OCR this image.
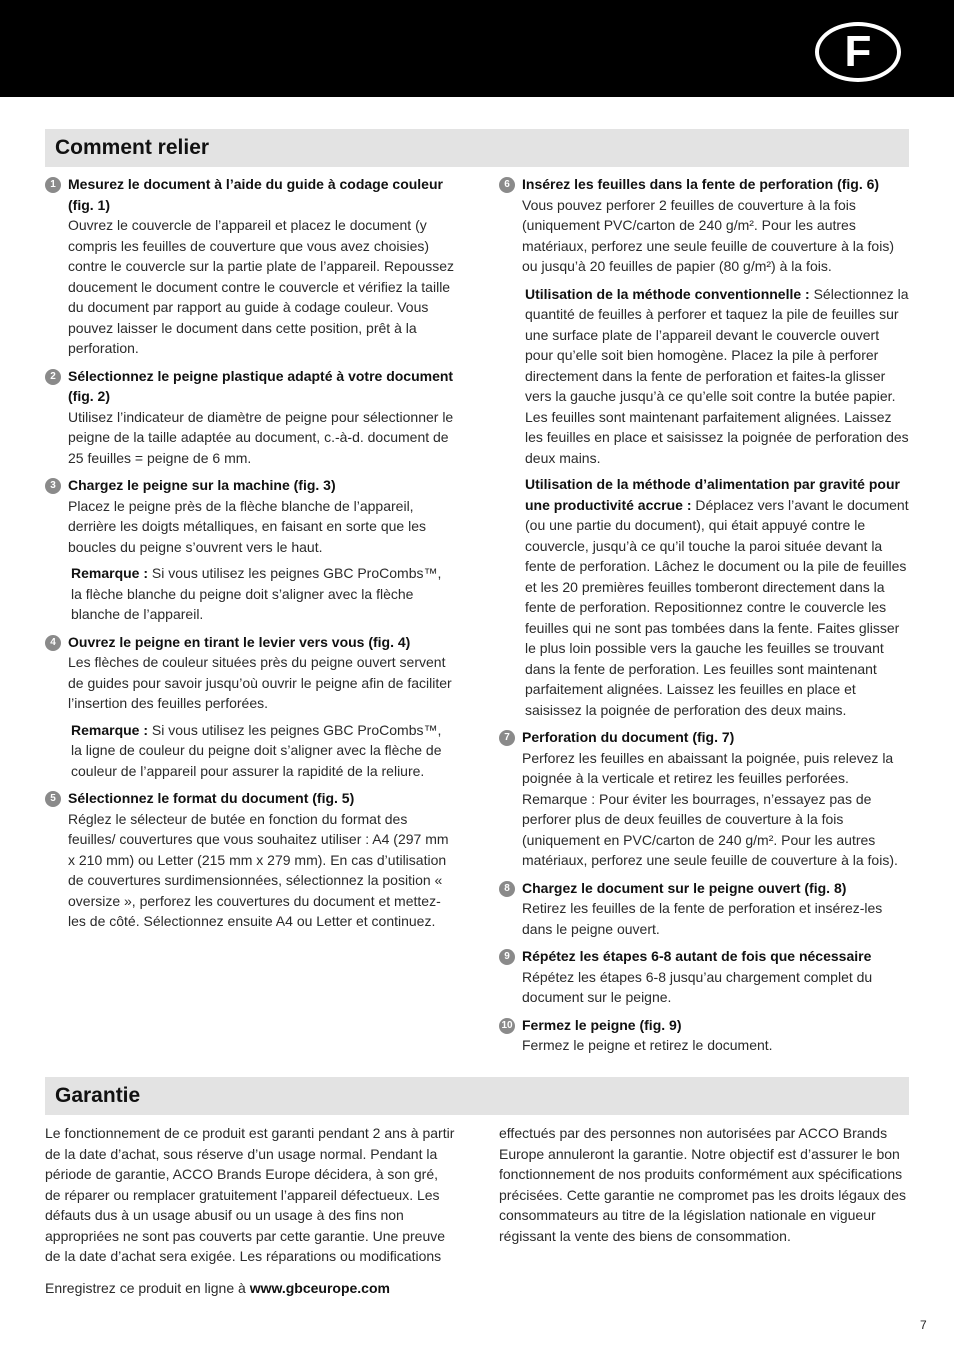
F
Comment relier
1 Mesurez le document à l’aide du guide à codage couleur (fig. 1)
Ouvrez le couvercle de l’appareil et placez le document (y compris les feuilles de couverture que vous avez choisies) contre le couvercle sur la partie plate de l’appareil. Repoussez doucement le document contre le couvercle et vérifiez la taille du document par rapport au guide à codage couleur. Vous pouvez laisser le document dans cette position, prêt à la perforation.
2 Sélectionnez le peigne plastique adapté à votre document (fig. 2)
Utilisez l’indicateur de diamètre de peigne pour sélectionner le peigne de la taille adaptée au document, c.-à-d. document de 25 feuilles = peigne de 6 mm.
3 Chargez le peigne sur la machine (fig. 3)
Placez le peigne près de la flèche blanche de l’appareil, derrière les doigts métalliques, en faisant en sorte que les boucles du peigne s’ouvrent vers le haut.
Remarque : Si vous utilisez les peignes GBC ProCombs™, la flèche blanche du peigne doit s’aligner avec la flèche blanche de l’appareil.
4 Ouvrez le peigne en tirant le levier vers vous (fig. 4)
Les flèches de couleur situées près du peigne ouvert servent de guides pour savoir jusqu’où ouvrir le peigne afin de faciliter l’insertion des feuilles perforées.
Remarque : Si vous utilisez les peignes GBC ProCombs™, la ligne de couleur du peigne doit s’aligner avec la flèche de couleur de l’appareil pour assurer la rapidité de la reliure.
5 Sélectionnez le format du document (fig. 5)
Réglez le sélecteur de butée en fonction du format des feuilles/ couvertures que vous souhaitez utiliser : A4 (297 mm x 210 mm) ou Letter (215 mm x 279 mm). En cas d’utilisation de couvertures surdimensionnées, sélectionnez la position « oversize », perforez les couvertures du document et mettez-les de côté. Sélectionnez ensuite A4 ou Letter et continuez.
6 Insérez les feuilles dans la fente de perforation (fig. 6)
Vous pouvez perforer 2 feuilles de couverture à la fois (uniquement PVC/carton de 240 g/m². Pour les autres matériaux, perforez une seule feuille de couverture à la fois) ou jusqu’à 20 feuilles de papier (80 g/m²) à la fois.
Utilisation de la méthode conventionnelle : Sélectionnez la quantité de feuilles à perforer et taquez la pile de feuilles sur une surface plate de l’appareil devant le couvercle ouvert pour qu’elle soit bien homogène. Placez la pile à perforer directement dans la fente de perforation et faites-la glisser vers la gauche jusqu’à ce qu’elle soit contre la butée papier. Les feuilles sont maintenant parfaitement alignées. Laissez les feuilles en place et saisissez la poignée de perforation des deux mains.
Utilisation de la méthode d’alimentation par gravité pour une productivité accrue : Déplacez vers l’avant le document (ou une partie du document), qui était appuyé contre le couvercle, jusqu’à ce qu’il touche la paroi située devant la fente de perforation. Lâchez le document ou la pile de feuilles et les 20 premières feuilles tomberont directement dans la fente de perforation. Repositionnez contre le couvercle les feuilles qui ne sont pas tombées dans la fente. Faites glisser le plus loin possible vers la gauche les feuilles se trouvant dans la fente de perforation. Les feuilles sont maintenant parfaitement alignées. Laissez les feuilles en place et saisissez la poignée de perforation des deux mains.
7 Perforation du document (fig. 7)
Perforez les feuilles en abaissant la poignée, puis relevez la poignée à la verticale et retirez les feuilles perforées. Remarque : Pour éviter les bourrages, n’essayez pas de perforer plus de deux feuilles de couverture à la fois (uniquement en PVC/carton de 240 g/m². Pour les autres matériaux, perforez une seule feuille de couverture à la fois).
8 Chargez le document sur le peigne ouvert (fig. 8)
Retirez les feuilles de la fente de perforation et insérez-les dans le peigne ouvert.
9 Répétez les étapes 6-8 autant de fois que nécessaire
Répétez les étapes 6-8 jusqu’au chargement complet du document sur le peigne.
10 Fermez le peigne (fig. 9)
Fermez le peigne et retirez le document.
Garantie
Le fonctionnement de ce produit est garanti pendant 2 ans à partir de la date d’achat, sous réserve d’un usage normal. Pendant la période de garantie, ACCO Brands Europe décidera, à son gré, de réparer ou remplacer gratuitement l’appareil défectueux. Les défauts dus à un usage abusif ou un usage à des fins non appropriées ne sont pas couverts par cette garantie. Une preuve de la date d’achat sera exigée. Les réparations ou modifications
effectués par des personnes non autorisées par ACCO Brands Europe annuleront la garantie. Notre objectif est d’assurer le bon fonctionnement de nos produits conformément aux spécifications précisées. Cette garantie ne compromet pas les droits légaux des consommateurs au titre de la législation nationale en vigueur régissant la vente des biens de consommation.
Enregistrez ce produit en ligne à www.gbceurope.com
7
